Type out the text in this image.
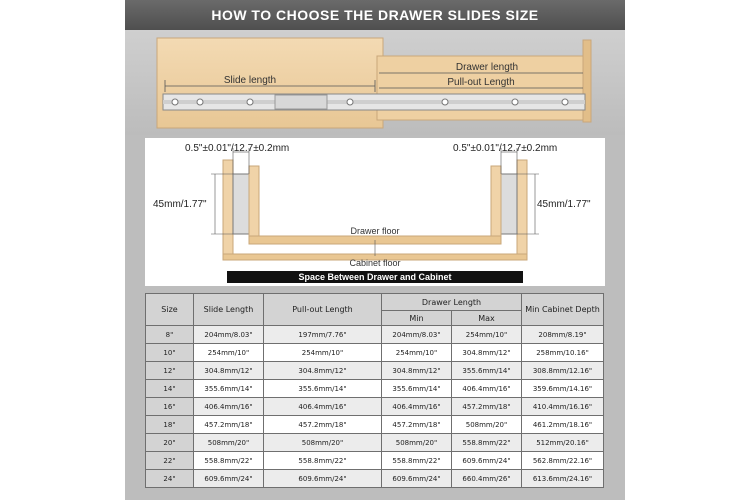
HOW TO CHOOSE THE DRAWER SLIDES SIZE
Slide length
Drawer length
Pull-out Length
0.5"±0.01"/12.7±0.2mm	0.5"±0.01"/12.7±0.2mm
45mm/1.77"	45mm/1.77"
Drawer floor
Cabinet floor
Space Between Drawer and Cabinet
Size	Slide Length	Pull-out Length	Drawer Length		Min Cabinet Depth
			Min	Max	
8"	204mm/8.03"	197mm/7.76"	204mm/8.03"	254mm/10"	208mm/8.19"
10"	254mm/10"	254mm/10"	254mm/10"	304.8mm/12"	258mm/10.16"
12"	304.8mm/12"	304.8mm/12"	304.8mm/12"	355.6mm/14"	308.8mm/12.16"
14"	355.6mm/14"	355.6mm/14"	355.6mm/14"	406.4mm/16"	359.6mm/14.16"
16"	406.4mm/16"	406.4mm/16"	406.4mm/16"	457.2mm/18"	410.4mm/16.16"
18"	457.2mm/18"	457.2mm/18"	457.2mm/18"	508mm/20"	461.2mm/18.16"
20"	508mm/20"	508mm/20"	508mm/20"	558.8mm/22"	512mm/20.16"
22"	558.8mm/22"	558.8mm/22"	558.8mm/22"	609.6mm/24"	562.8mm/22.16"
24"	609.6mm/24"	609.6mm/24"	609.6mm/24"	660.4mm/26"	613.6mm/24.16"
